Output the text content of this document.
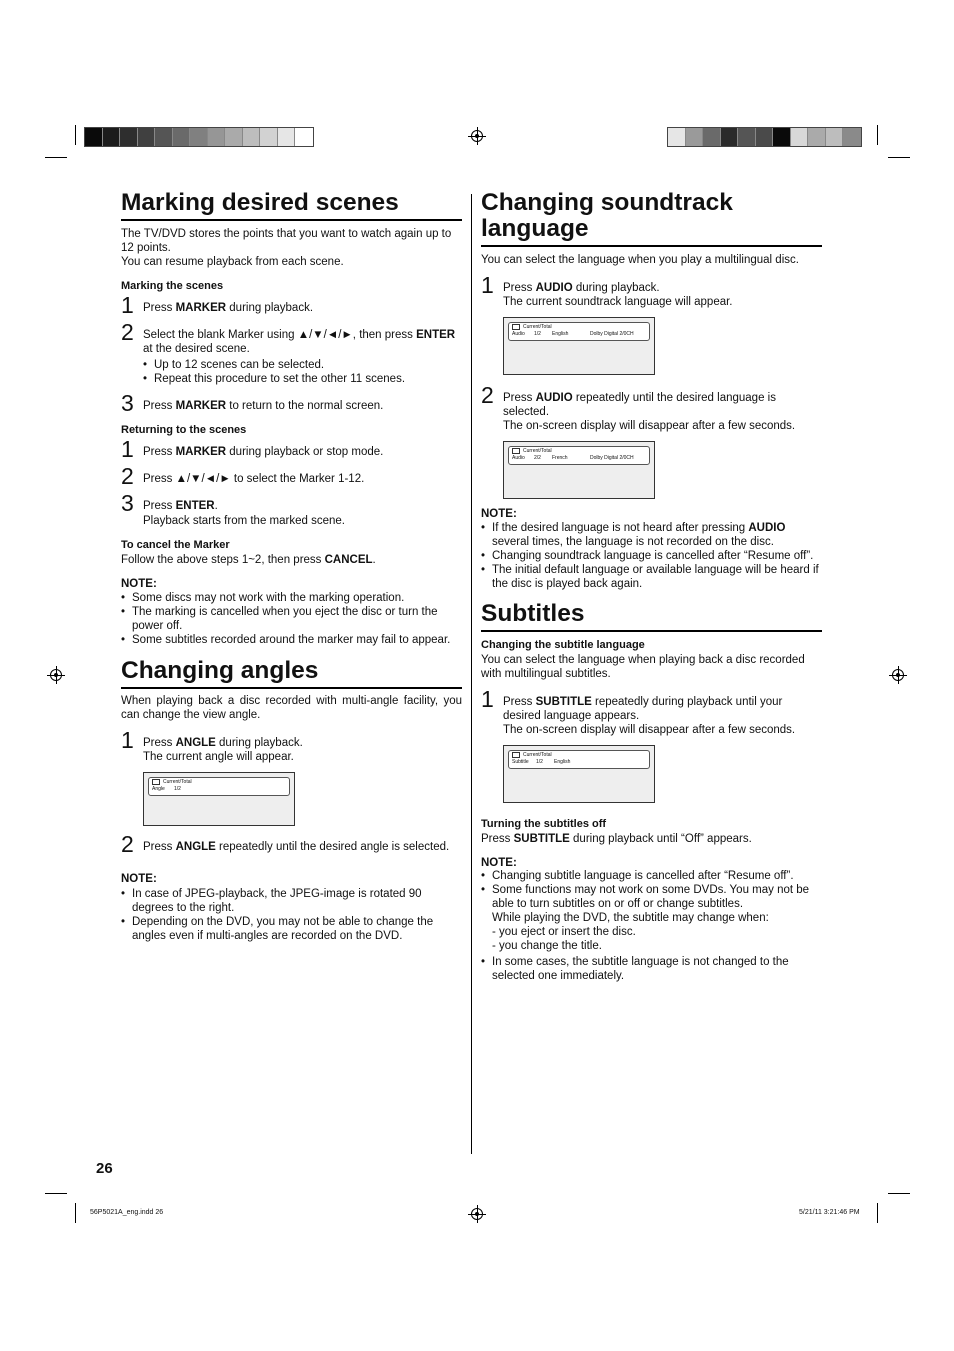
Marking desired scenes

The TV/DVD stores the points that you want to watch again up to 12 points.

You can resume playback from each scene.

Marking the scenes

1 Press MARKER during playback.
2 Select the blank Marker using ▲/▼/◄/►, then press ENTER at the desired scene.
• Up to 12 scenes can be selected.
• Repeat this procedure to set the other 11 scenes.
3 Press MARKER to return to the normal screen.

Returning to the scenes

1 Press MARKER during playback or stop mode.
2 Press ▲/▼/◄/► to select the Marker 1-12.
3 Press ENTER.

Playback starts from the marked scene.

To cancel the Marker

Follow the above steps 1~2, then press CANCEL.

NOTE:

• Some discs may not work with the marking operation.
• The marking is cancelled when you eject the disc or turn the power off.
• Some subtitles recorded around the marker may fail to appear.
Changing angles

When playing back a disc recorded with multi-angle facility, you can change the view angle.

1 Press ANGLE during playback.

The current angle will appear.

Current/Total
Angle	1/2
2 Press ANGLE repeatedly until the desired angle is selected.

NOTE:

• In case of JPEG-playback, the JPEG-image is rotated 90 degrees to the right.
• Depending on the DVD, you may not be able to change the angles even if multi-angles are recorded on the DVD.
Changing soundtrack language

You can select the language when you play a multilingual disc.

1 Press AUDIO during playback.

The current soundtrack language will appear.

Current/Total
Audio	1/2	English	Dolby Digital 2/0CH
2 Press AUDIO repeatedly until the desired language is selected.

The on-screen display will disappear after a few seconds.

Current/Total
Audio	2/2	French	Dolby Digital 2/0CH

NOTE:

• If the desired language is not heard after pressing AUDIO several times, the language is not recorded on the disc.
• Changing soundtrack language is cancelled after “Resume off”.
• The initial default language or available language will be heard if the disc is played back again.
Subtitles

Changing the subtitle language

You can select the language when playing back a disc recorded with multilingual subtitles.

1 Press SUBTITLE repeatedly during playback until your desired language appears.

The on-screen display will disappear after a few seconds.

Current/Total
Subtitle	1/2	English

Turning the subtitles off

Press SUBTITLE during playback until “Off” appears.

NOTE:

• Changing subtitle language is cancelled after “Resume off”.
• Some functions may not work on some DVDs. You may not be able to turn subtitles on or off or change subtitles.
While playing the DVD, the subtitle may change when:
- you eject or insert the disc.
- you change the title.
• In some cases, the subtitle language is not changed to the selected one immediately.
26
56P5021A_eng.indd 26	5/21/11 3:21:46 PM
